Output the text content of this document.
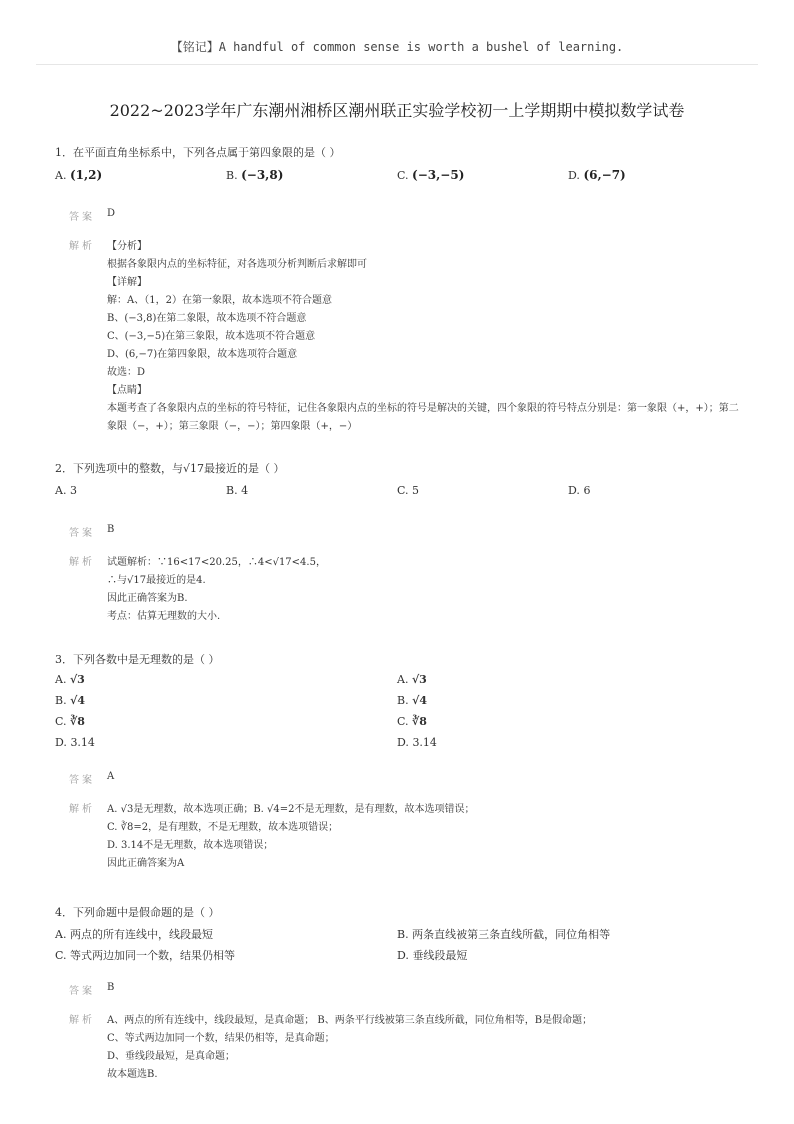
【铭记】A handful of common sense is worth a bushel of learning.
2022~2023学年广东潮州湘桥区潮州联正实验学校初一上学期期中模拟数学试卷
1．在平面直角坐标系中，下列各点属于第四象限的是（ ）
A. (1,2)	B. (−3,8)	C. (−3,−5)	D. (6,−7)
答案 D
解析 【分析】
根据各象限内点的坐标特征，对各选项分析判断后求解即可
【详解】
解：A、（1，2）在第一象限，故本选项不符合题意
B、(−3,8)在第二象限，故本选项不符合题意
C、(−3,−5)在第三象限，故本选项不符合题意
D、(6,−7)在第四象限，故本选项符合题意
故选：D
【点睛】
本题考查了各象限内点的坐标的符号特征，记住各象限内点的坐标的符号是解决的关键，四个象限的符号特点分别是：第一象限（+，+）；第二象限（−，+）；第三象限（−，−）；第四象限（+，−）
2．下列选项中的整数，与√17最接近的是（ ）
A. 3	B. 4	C. 5	D. 6
答案 B
解析 试题解析：∵16<17<20.25，∴4<√17<4.5，
∴与√17最接近的是4.
因此正确答案为B.
考点：估算无理数的大小.
3．下列各数中是无理数的是（ ）
A. √3	A. √3
B. √4	B. √4
C. ∛8	C. ∛8
D. 3.14	D. 3.14
答案 A
解析 A. √3是无理数，故本选项正确；B. √4=2不是无理数，是有理数，故本选项错误；
C. ∛8=2，是有理数，不是无理数，故本选项错误；
D. 3.14不是无理数，故本选项错误；
因此正确答案为A
4．下列命题中是假命题的是（ ）
A. 两点的所有连线中，线段最短	B. 两条直线被第三条直线所截，同位角相等
C. 等式两边加同一个数，结果仍相等	D. 垂线段最短
答案 B
解析 A、两点的所有连线中，线段最短，是真命题； B、两条平行线被第三条直线所截，同位角相等，B是假命题；
C、等式两边加同一个数，结果仍相等，是真命题；
D、垂线段最短，是真命题；
故本题选B.
